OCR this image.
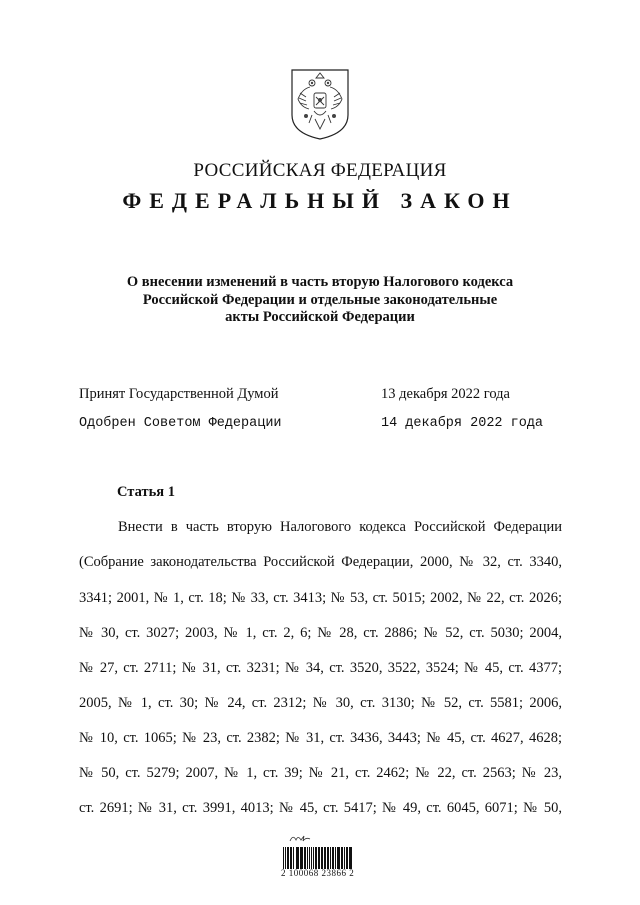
РОССИЙСКАЯ ФЕДЕРАЦИЯ
ФЕДЕРАЛЬНЫЙ ЗАКОН
О внесении изменений в часть вторую Налогового кодекса
Российской Федерации и отдельные законодательные
акты Российской Федерации
Принят Государственной Думой	13 декабря 2022 года
Одобрен Советом Федерации	14 декабря 2022 года
Статья 1
Внести в часть вторую Налогового кодекса Российской Федерации
(Собрание законодательства Российской Федерации, 2000, № 32, ст. 3340,
3341; 2001, № 1, ст. 18; № 33, ст. 3413; № 53, ст. 5015; 2002, № 22, ст. 2026;
№ 30, ст. 3027; 2003, № 1, ст. 2, 6; № 28, ст. 2886; № 52, ст. 5030; 2004,
№ 27, ст. 2711; № 31, ст. 3231; № 34, ст. 3520, 3522, 3524; № 45, ст. 4377;
2005, № 1, ст. 30; № 24, ст. 2312; № 30, ст. 3130; № 52, ст. 5581; 2006,
№ 10, ст. 1065; № 23, ст. 2382; № 31, ст. 3436, 3443; № 45, ст. 4627, 4628;
№ 50, ст. 5279; 2007, № 1, ст. 39; № 21, ст. 2462; № 22, ст. 2563; № 23,
ст. 2691; № 31, ст. 3991, 4013; № 45, ст. 5417; № 49, ст. 6045, 6071; № 50,
2 100068 23866 2
